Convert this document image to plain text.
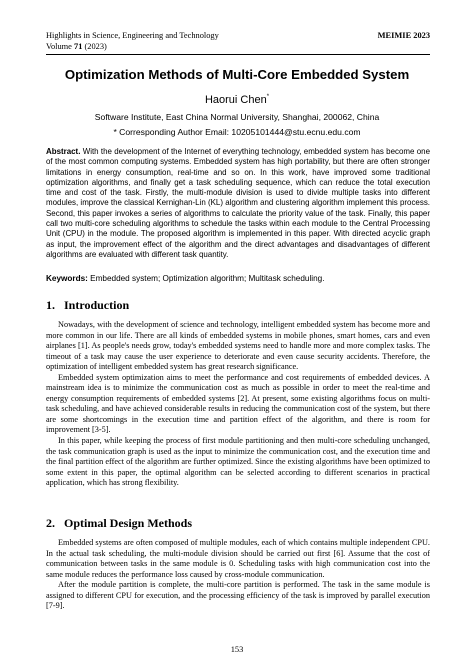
Highlights in Science, Engineering and Technology	MEIMIE 2023
Volume 71 (2023)
Optimization Methods of Multi-Core Embedded System
Haorui Chen*
Software Institute, East China Normal University, Shanghai, 200062, China
* Corresponding Author Email: 10205101444@stu.ecnu.edu.com
Abstract. With the development of the Internet of everything technology, embedded system has become one of the most common computing systems. Embedded system has high portability, but there are often stronger limitations in energy consumption, real-time and so on. In this work, have improved some traditional optimization algorithms, and finally get a task scheduling sequence, which can reduce the total execution time and cost of the task. Firstly, the multi-module division is used to divide multiple tasks into different modules, improve the classical Kernighan-Lin (KL) algorithm and clustering algorithm implement this process. Second, this paper invokes a series of algorithms to calculate the priority value of the task. Finally, this paper call two multi-core scheduling algorithms to schedule the tasks within each module to the Central Processing Unit (CPU) in the module. The proposed algorithm is implemented in this paper. With directed acyclic graph as input, the improvement effect of the algorithm and the direct advantages and disadvantages of different algorithms are evaluated with different task quantity.
Keywords: Embedded system; Optimization algorithm; Multitask scheduling.
1. Introduction

Nowadays, with the development of science and technology, intelligent embedded system has become more and more common in our life. There are all kinds of embedded systems in mobile phones, smart homes, cars and even airplanes [1]. As people's needs grow, today's embedded systems need to handle more and more complex tasks. The timeout of a task may cause the user experience to deteriorate and even cause security accidents. Therefore, the optimization of intelligent embedded system has great research significance.

Embedded system optimization aims to meet the performance and cost requirements of embedded devices. A mainstream idea is to minimize the communication cost as much as possible in order to meet the real-time and energy consumption requirements of embedded systems [2]. At present, some existing algorithms focus on multi-task scheduling, and have achieved considerable results in reducing the communication cost of the system, but there are some shortcomings in the execution time and partition effect of the algorithm, and there is room for improvement [3-5].

In this paper, while keeping the process of first module partitioning and then multi-core scheduling unchanged, the task communication graph is used as the input to minimize the communication cost, and the execution time and the final partition effect of the algorithm are further optimized. Since the existing algorithms have been optimized to some extent in this paper, the optimal algorithm can be selected according to different scenarios in practical application, which has strong flexibility.

2. Optimal Design Methods

Embedded systems are often composed of multiple modules, each of which contains multiple independent CPU. In the actual task scheduling, the multi-module division should be carried out first [6]. Assume that the cost of communication between tasks in the same module is 0. Scheduling tasks with high communication cost into the same module reduces the performance loss caused by cross-module communication.

After the module partition is complete, the multi-core partition is performed. The task in the same module is assigned to different CPU for execution, and the processing efficiency of the task is improved by parallel execution [7-9].

153
